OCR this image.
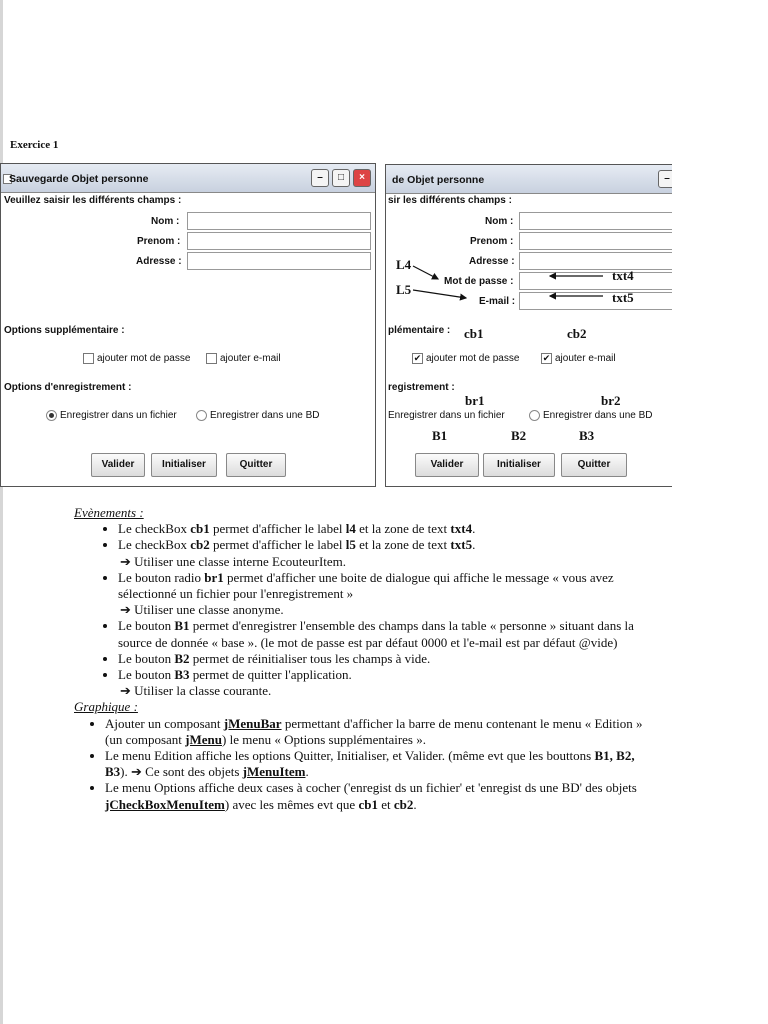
Exercice 1
Sauvegarde Objet personne	–	□	×
Veuillez saisir les différents champs :
Nom :
Prenom :
Adresse :
Options supplémentaire :
ajouter mot de passe	ajouter e-mail
Options d'enregistrement :
Enregistrer dans un fichier	Enregistrer dans une BD
Valider	Initialiser	Quitter
de Objet personne	–
sir les différents champs :
Nom :
Prenom :
Adresse :
Mot de passe :
E-mail :
plémentaire :
✔ ajouter mot de passe	✔ ajouter e-mail
registrement :
Enregistrer dans un fichier	Enregistrer dans une BD
Valider	Initialiser	Quitter
L4
L5
txt4
txt5
cb1	cb2
br1	br2
B1	B2	B3
Evènements :
• Le checkBox cb1 permet d'afficher le label l4 et la zone de text txt4.
• Le checkBox cb2 permet d'afficher le label l5 et la zone de text txt5.
➔ Utiliser une classe interne EcouteurItem.
• Le bouton radio br1 permet d'afficher une boite de dialogue qui affiche le message « vous avez sélectionné un fichier pour l'enregistrement »
➔ Utiliser une classe anonyme.
• Le bouton B1 permet d'enregistrer l'ensemble des champs dans la table « personne » situant dans la source de donnée « base ». (le mot de passe est par défaut 0000 et l'e-mail est par défaut @vide)
• Le bouton B2 permet de réinitialiser tous les champs à vide.
• Le bouton B3 permet de quitter l'application.
➔ Utiliser la classe courante.
Graphique :
• Ajouter un composant jMenuBar permettant d'afficher la barre de menu contenant le menu « Edition » (un composant jMenu) le menu « Options supplémentaires ».
• Le menu Edition affiche les options Quitter, Initialiser, et Valider. (même evt que les bouttons B1, B2, B3). ➔ Ce sont des objets jMenuItem.
• Le menu Options affiche deux cases à cocher ('enregist ds un fichier' et 'enregist ds une BD' des objets jCheckBoxMenuItem) avec les mêmes evt que cb1 et cb2.
